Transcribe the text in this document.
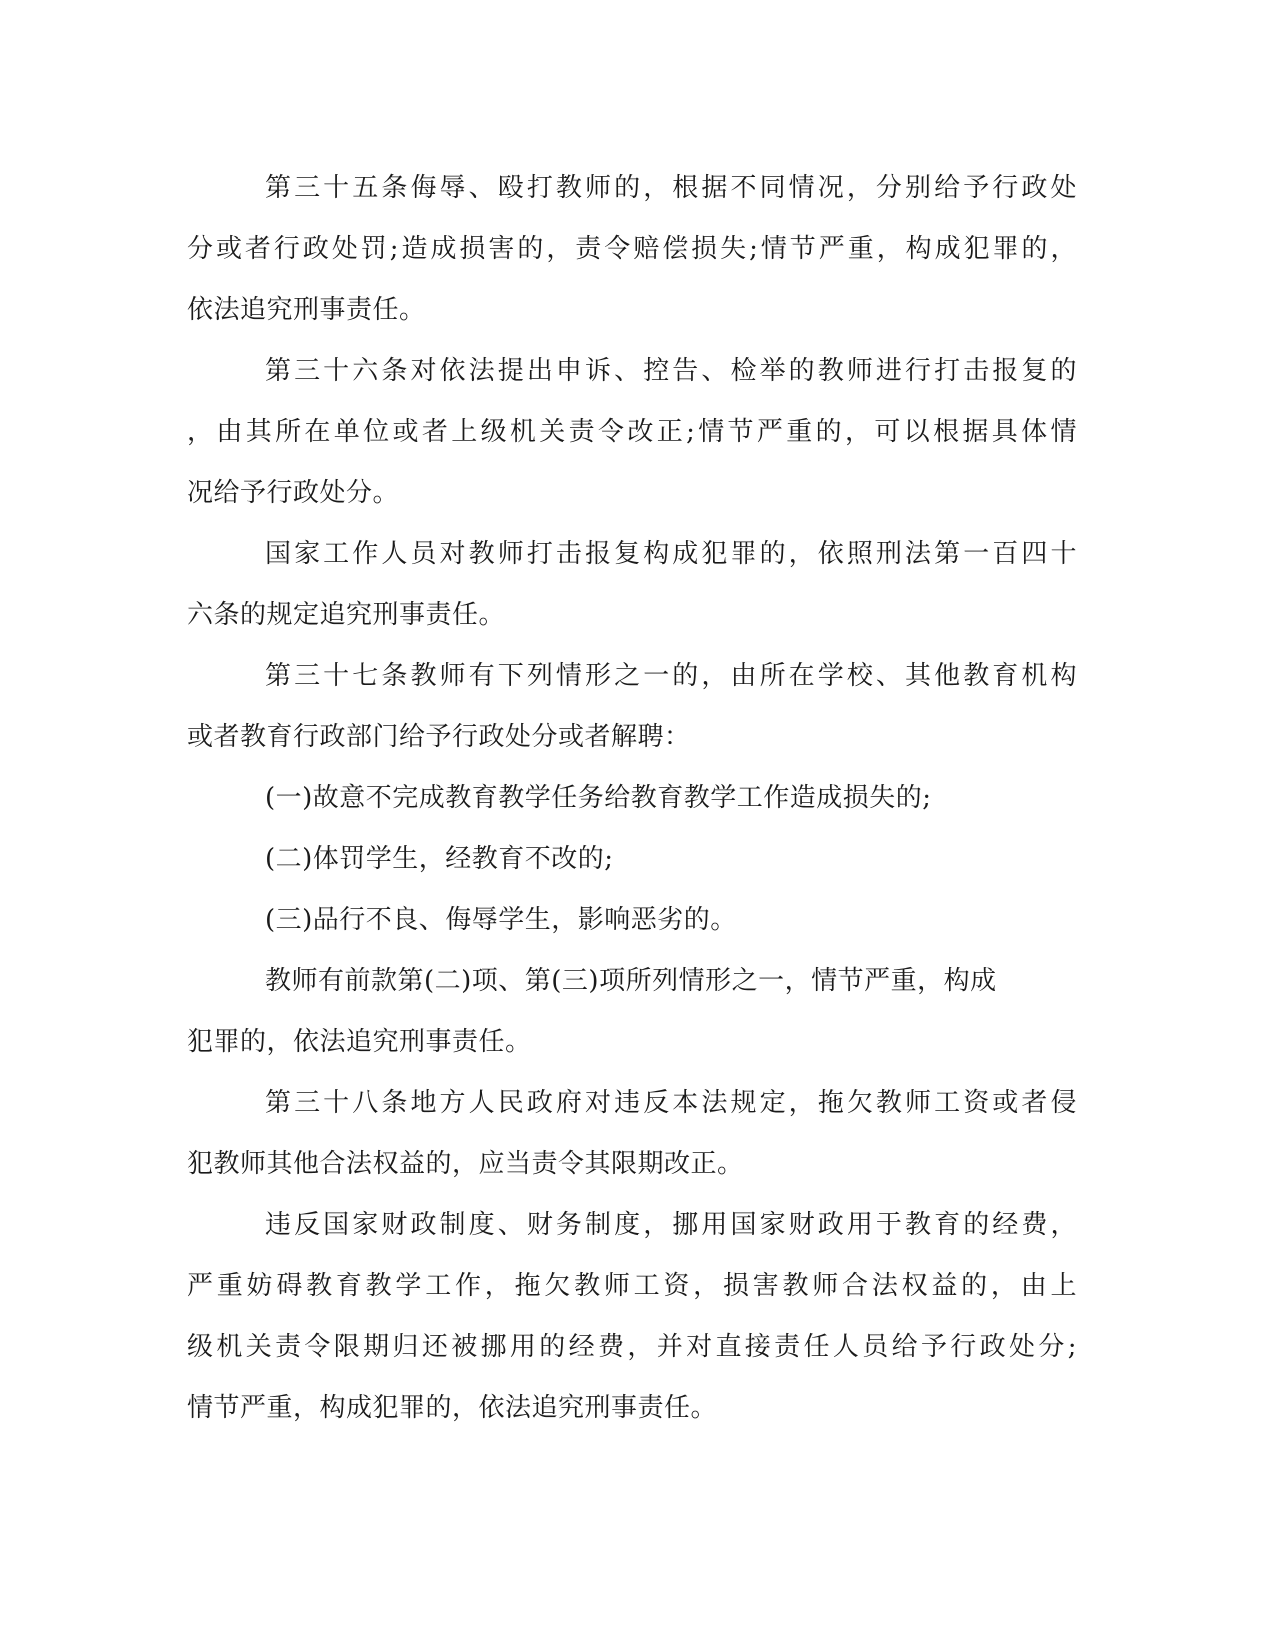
第三十五条侮辱、殴打教师的，根据不同情况，分别给予行政处
分或者行政处罚;造成损害的，责令赔偿损失;情节严重，构成犯罪的，
依法追究刑事责任。
第三十六条对依法提出申诉、控告、检举的教师进行打击报复的
，由其所在单位或者上级机关责令改正;情节严重的，可以根据具体情
况给予行政处分。
国家工作人员对教师打击报复构成犯罪的，依照刑法第一百四十
六条的规定追究刑事责任。
第三十七条教师有下列情形之一的，由所在学校、其他教育机构
或者教育行政部门给予行政处分或者解聘：
(一)故意不完成教育教学任务给教育教学工作造成损失的;
(二)体罚学生，经教育不改的;
(三)品行不良、侮辱学生，影响恶劣的。
教师有前款第(二)项、第(三)项所列情形之一，情节严重，构成
犯罪的，依法追究刑事责任。
第三十八条地方人民政府对违反本法规定，拖欠教师工资或者侵
犯教师其他合法权益的，应当责令其限期改正。
违反国家财政制度、财务制度，挪用国家财政用于教育的经费，
严重妨碍教育教学工作，拖欠教师工资，损害教师合法权益的，由上
级机关责令限期归还被挪用的经费，并对直接责任人员给予行政处分;
情节严重，构成犯罪的，依法追究刑事责任。
